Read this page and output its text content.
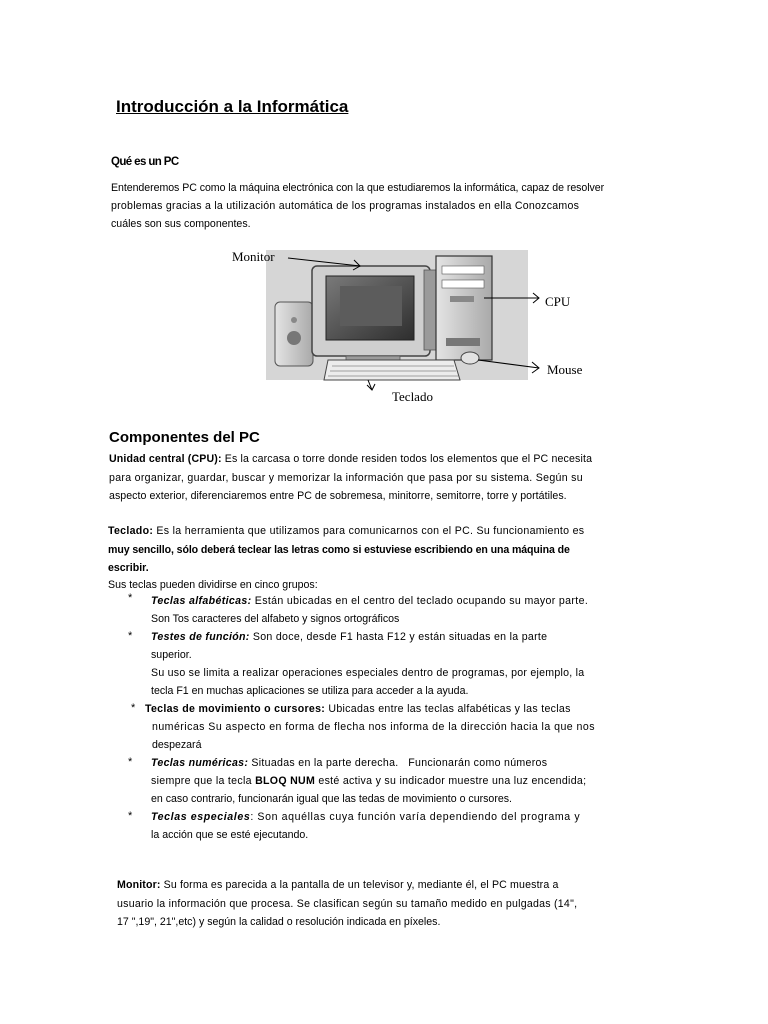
Introducción a la Informática
Qué es un PC

Entenderemos PC como la máquina electrónica con la que estudiaremos la informática, capaz de resolver
problemas gracias a la utilización automática de los programas instalados en ella Conozcamos
cuáles son sus componentes.

Monitor
CPU
Mouse
Teclado
Componentes del PC

Unidad central (CPU): Es la carcasa o torre donde residen todos los elementos que el PC necesita
para organizar, guardar, buscar y memorizar la información que pasa por su sistema. Según su
aspecto exterior, diferenciaremos entre PC de sobremesa, minitorre, semitorre, torre y portátiles.

Teclado: Es la herramienta que utilizamos para comunicarnos con el PC. Su funcionamiento es
muy sencillo, sólo deberá teclear las letras como si estuviese escribiendo en una máquina de
escribir.
Sus teclas pueden dividirse en cinco grupos:

* Teclas alfabéticas: Están ubicadas en el centro del teclado ocupando su mayor parte.
Son Tos caracteres del alfabeto y signos ortográficos
* Testes de función: Son doce, desde F1 hasta F12 y están situadas en la parte
superior.
Su uso se limita a realizar operaciones especiales dentro de programas, por ejemplo, la
tecla F1 en muchas aplicaciones se utiliza para acceder a la ayuda.
* Teclas de movimiento o cursores: Ubicadas entre las teclas alfabéticas y las teclas
numéricas Su aspecto en forma de flecha nos informa de la dirección hacia la que nos
despezará
* Teclas numéricas: Situadas en la parte derecha.   Funcionarán como números
siempre que la tecla BLOQ NUM esté activa y su indicador muestre una luz encendida;
en caso contrario, funcionarán igual que las tedas de movimiento o cursores.
* Teclas especiales: Son aquéllas cuya función varía dependiendo del programa y
la acción que se esté ejecutando.

Monitor: Su forma es parecida a la pantalla de un televisor y, mediante él, el PC muestra a
usuario la información que procesa. Se clasifican según su tamaño medido en pulgadas (14",
17 ",19", 21",etc) y según la calidad o resolución indicada en píxeles.
